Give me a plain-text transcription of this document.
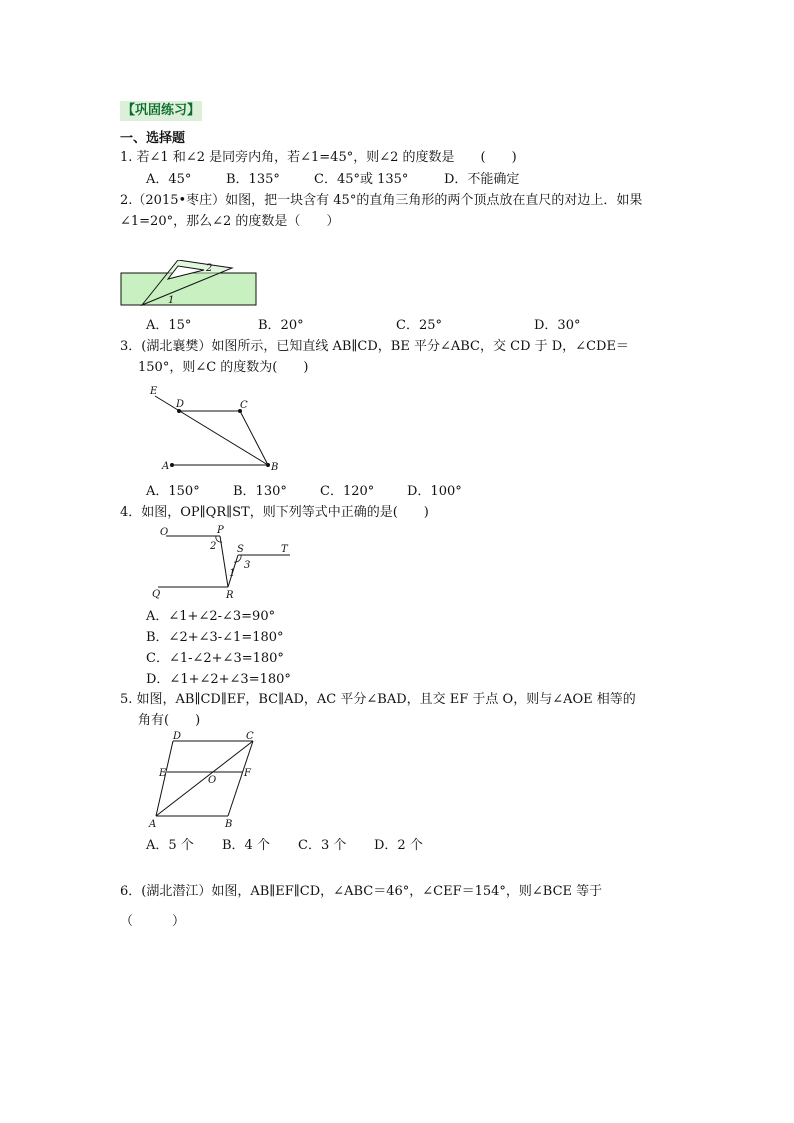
【巩固练习】
一、选择题
1. 若∠1 和∠2 是同旁内角，若∠1=45°，则∠2 的度数是　　(　　)
A．45°	B．135°	C．45°或 135°	D．不能确定
2.（2015•枣庄）如图，把一块含有 45°的直角三角形的两个顶点放在直尺的对边上．如果
∠1=20°，那么∠2 的度数是（　　）
2
1
A．15°	B．20°	C．25°	D．30°
3．(湖北襄樊）如图所示，已知直线 AB∥CD，BE 平分∠ABC，交 CD 于 D，∠CDE＝
150°，则∠C 的度数为(　　)
E
D	C
A	B
A．150°	B．130°	C．120°	D．100°
4．如图，OP∥QR∥ST，则下列等式中正确的是(　　)
O	P
2 S	T
1
3
Q	R
A．∠1+∠2-∠3=90°
B．∠2+∠3-∠1=180°
C．∠1-∠2+∠3=180°
D．∠1+∠2+∠3=180°
5. 如图，AB∥CD∥EF，BC∥AD，AC 平分∠BAD，且交 EF 于点 O，则与∠AOE 相等的
角有(　　)
D	C
E	F
O
A	B
A．5 个 B．4 个 C．3 个 D．2 个
6．(湖北潜江）如图，AB∥EF∥CD，∠ABC＝46°，∠CEF＝154°，则∠BCE 等于
（　　　）
